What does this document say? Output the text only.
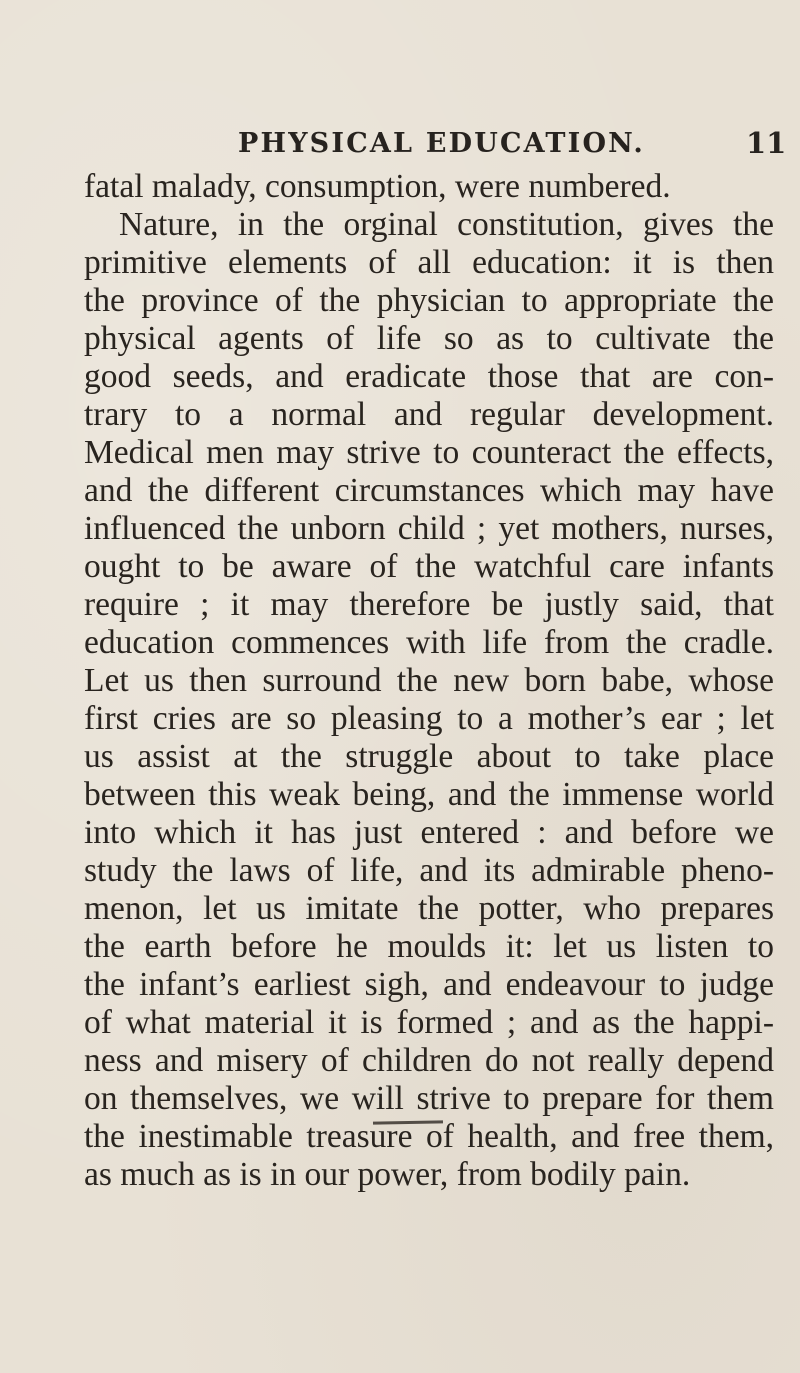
PHYSICAL EDUCATION.	11
fatal malady, consumption, were numbered.
Nature, in the orginal constitution, gives the
primitive elements of all education: it is then
the province of the physician to appropriate the
physical agents of life so as to cultivate the
good seeds, and eradicate those that are con-
trary to a normal and regular development.
Medical men may strive to counteract the effects,
and the different circumstances which may have
influenced the unborn child ; yet mothers, nurses,
ought to be aware of the watchful care infants
require ; it may therefore be justly said, that
education commences with life from the cradle.
Let us then surround the new born babe, whose
first cries are so pleasing to a mother’s ear ; let
us assist at the struggle about to take place
between this weak being, and the immense world
into which it has just entered : and before we
study the laws of life, and its admirable pheno-
menon, let us imitate the potter, who prepares
the earth before he moulds it: let us listen to
the infant’s earliest sigh, and endeavour to judge
of what material it is formed ; and as the happi-
ness and misery of children do not really depend
on themselves, we will strive to prepare for them
the inestimable treasure of health, and free them,
as much as is in our power, from bodily pain.
